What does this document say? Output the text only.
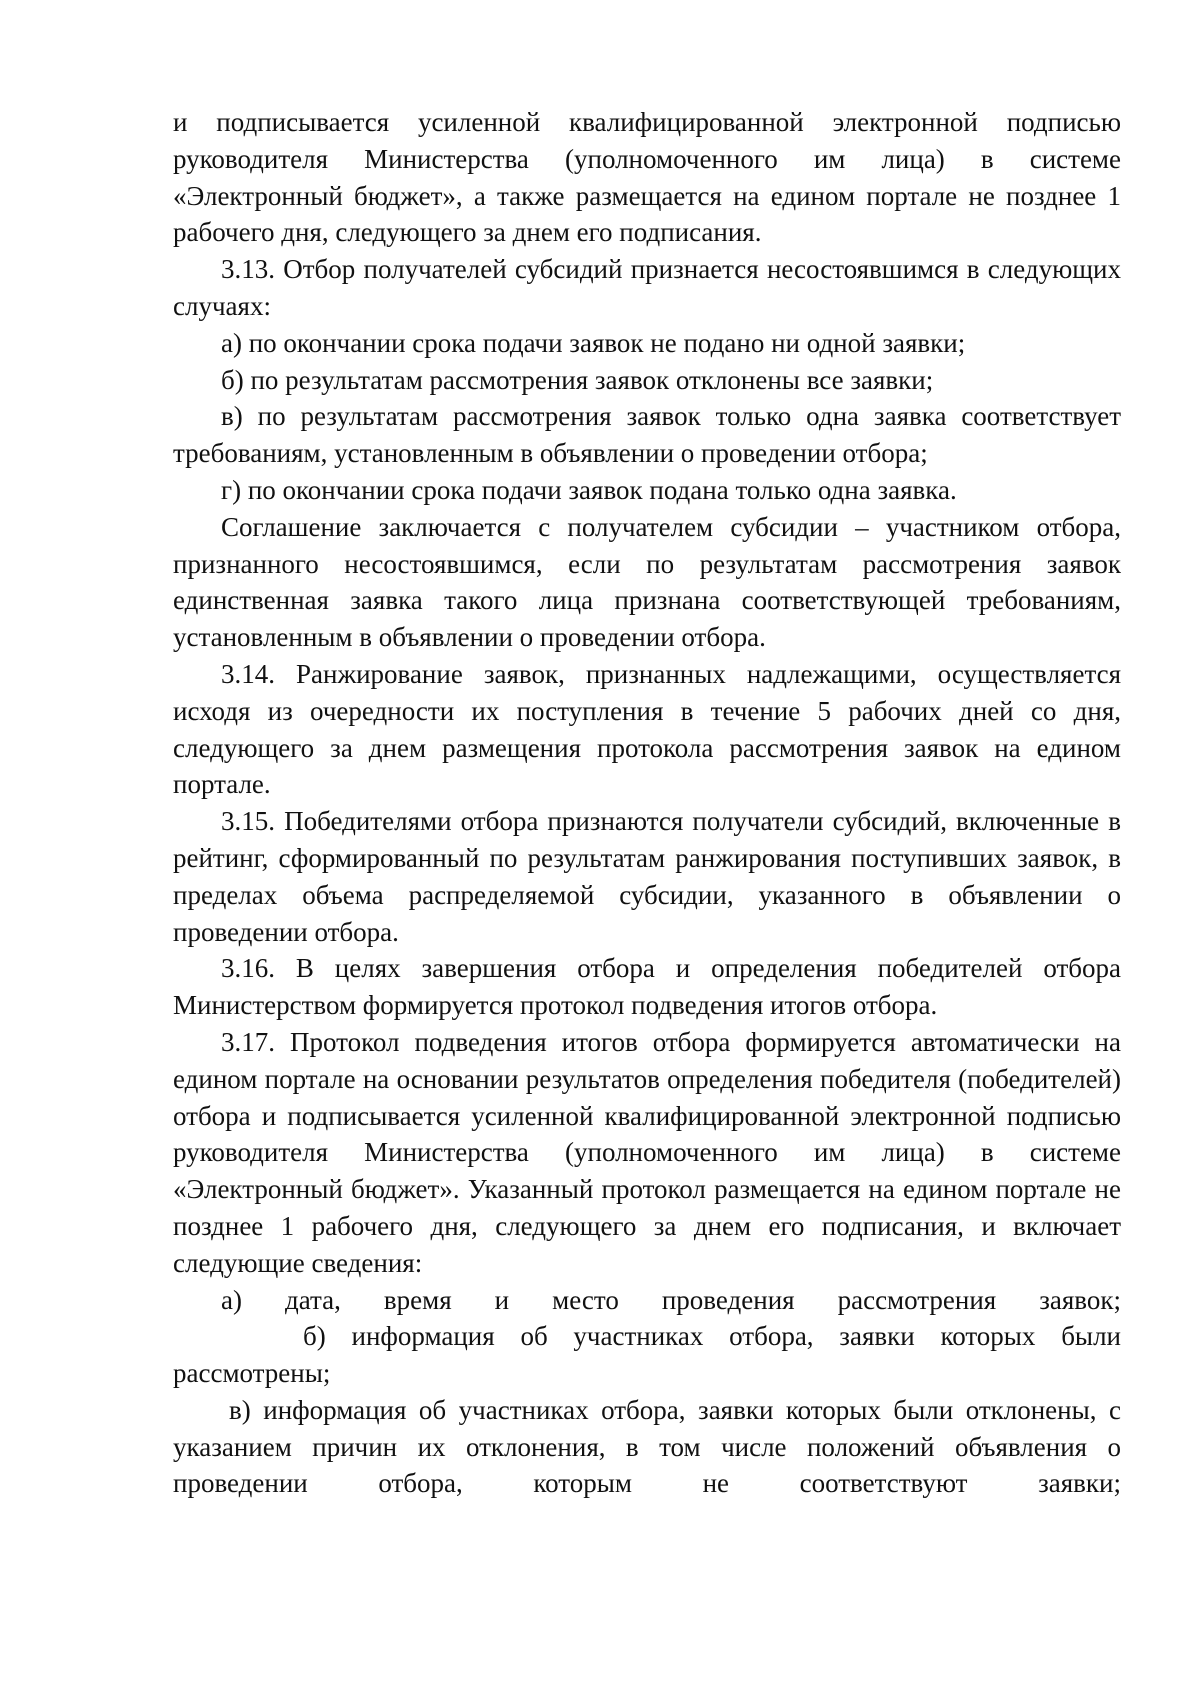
и подписывается усиленной квалифицированной электронной подписью руководителя Министерства (уполномоченного им лица) в системе «Электронный бюджет», а также размещается на едином портале не позднее 1 рабочего дня, следующего за днем его подписания.

3.13. Отбор получателей субсидий признается несостоявшимся в следующих случаях:

а) по окончании срока подачи заявок не подано ни одной заявки;

б) по результатам рассмотрения заявок отклонены все заявки;

в) по результатам рассмотрения заявок только одна заявка соответствует требованиям, установленным в объявлении о проведении отбора;

г) по окончании срока подачи заявок подана только одна заявка.

Соглашение заключается с получателем субсидии – участником отбора, признанного несостоявшимся, если по результатам рассмотрения заявок единственная заявка такого лица признана соответствующей требованиям, установленным в объявлении о проведении отбора.

3.14. Ранжирование заявок, признанных надлежащими, осуществляется исходя из очередности их поступления в течение 5 рабочих дней со дня, следующего за днем размещения протокола рассмотрения заявок на едином портале.

3.15. Победителями отбора признаются получатели субсидий, включенные в рейтинг, сформированный по результатам ранжирования поступивших заявок, в пределах объема распределяемой субсидии, указанного в объявлении о проведении отбора.

3.16. В целях завершения отбора и определения победителей отбора Министерством формируется протокол подведения итогов отбора.

3.17. Протокол подведения итогов отбора формируется автоматически на едином портале на основании результатов определения победителя (победителей) отбора и подписывается усиленной квалифицированной электронной подписью руководителя Министерства (уполномоченного им лица) в системе «Электронный бюджет». Указанный протокол размещается на едином портале не позднее 1 рабочего дня, следующего за днем его подписания, и включает следующие сведения:

а) дата, время и место проведения рассмотрения заявок;

б) информация об участниках отбора, заявки которых были рассмотрены;

в) информация об участниках отбора, заявки которых были отклонены, с указанием причин их отклонения, в том числе положений объявления о проведении отбора, которым не соответствуют заявки;
